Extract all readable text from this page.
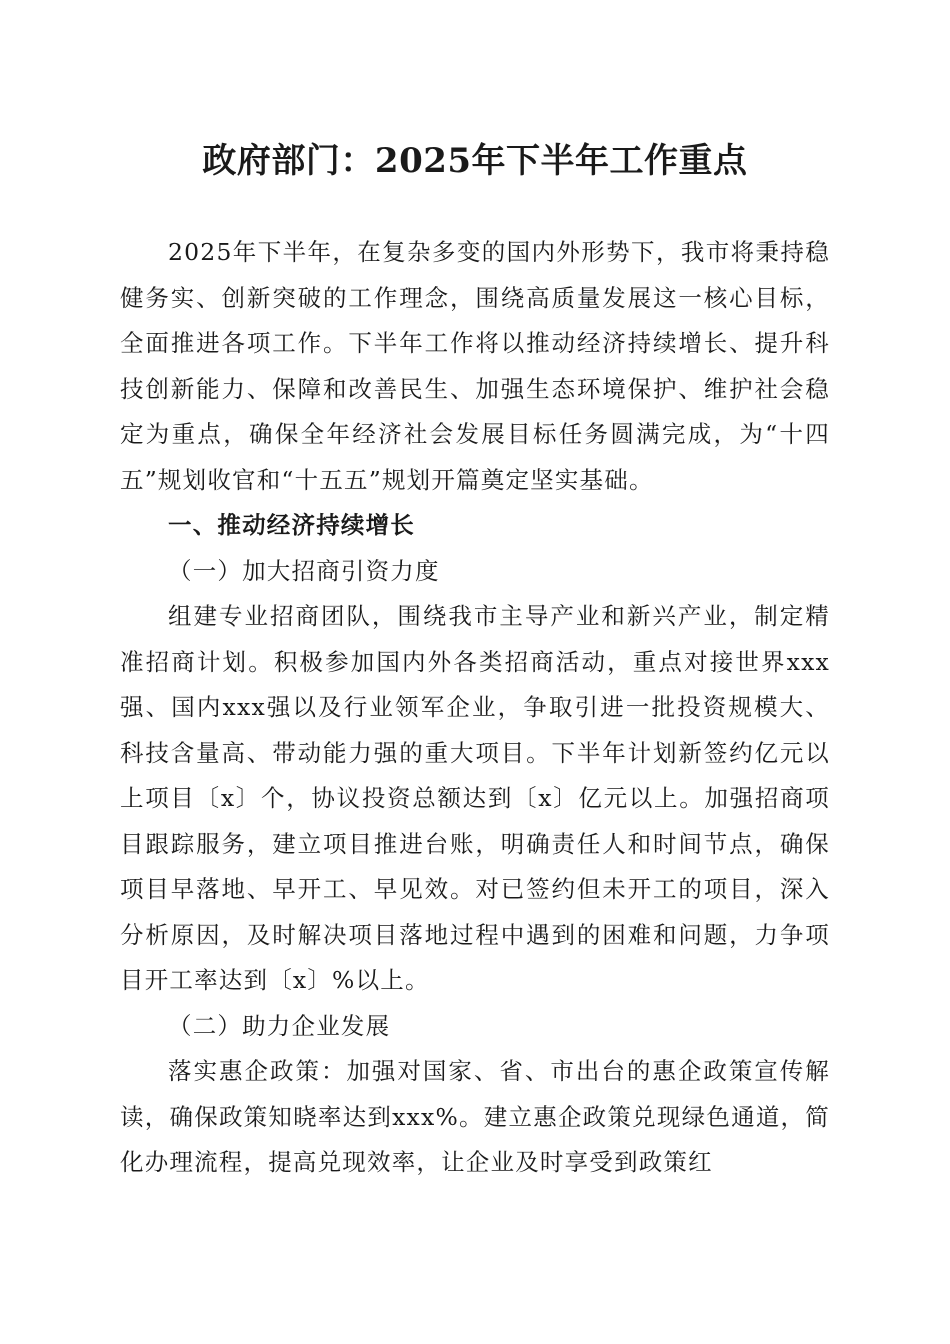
政府部门：2025年下半年工作重点

2025年下半年，在复杂多变的国内外形势下，我市将秉持稳健务实、创新突破的工作理念，围绕高质量发展这一核心目标，全面推进各项工作。下半年工作将以推动经济持续增长、提升科技创新能力、保障和改善民生、加强生态环境保护、维护社会稳定为重点，确保全年经济社会发展目标任务圆满完成，为“十四五”规划收官和“十五五”规划开篇奠定坚实基础。

一、推动经济持续增长

（一）加大招商引资力度

组建专业招商团队，围绕我市主导产业和新兴产业，制定精准招商计划。积极参加国内外各类招商活动，重点对接世界xxx强、国内xxx强以及行业领军企业，争取引进一批投资规模大、科技含量高、带动能力强的重大项目。下半年计划新签约亿元以上项目〔x〕个，协议投资总额达到〔x〕亿元以上。加强招商项目跟踪服务，建立项目推进台账，明确责任人和时间节点，确保项目早落地、早开工、早见效。对已签约但未开工的项目，深入分析原因，及时解决项目落地过程中遇到的困难和问题，力争项目开工率达到〔x〕%以上。

（二）助力企业发展

落实惠企政策：加强对国家、省、市出台的惠企政策宣传解读，确保政策知晓率达到xxx%。建立惠企政策兑现绿色通道，简化办理流程，提高兑现效率，让企业及时享受到政策红
